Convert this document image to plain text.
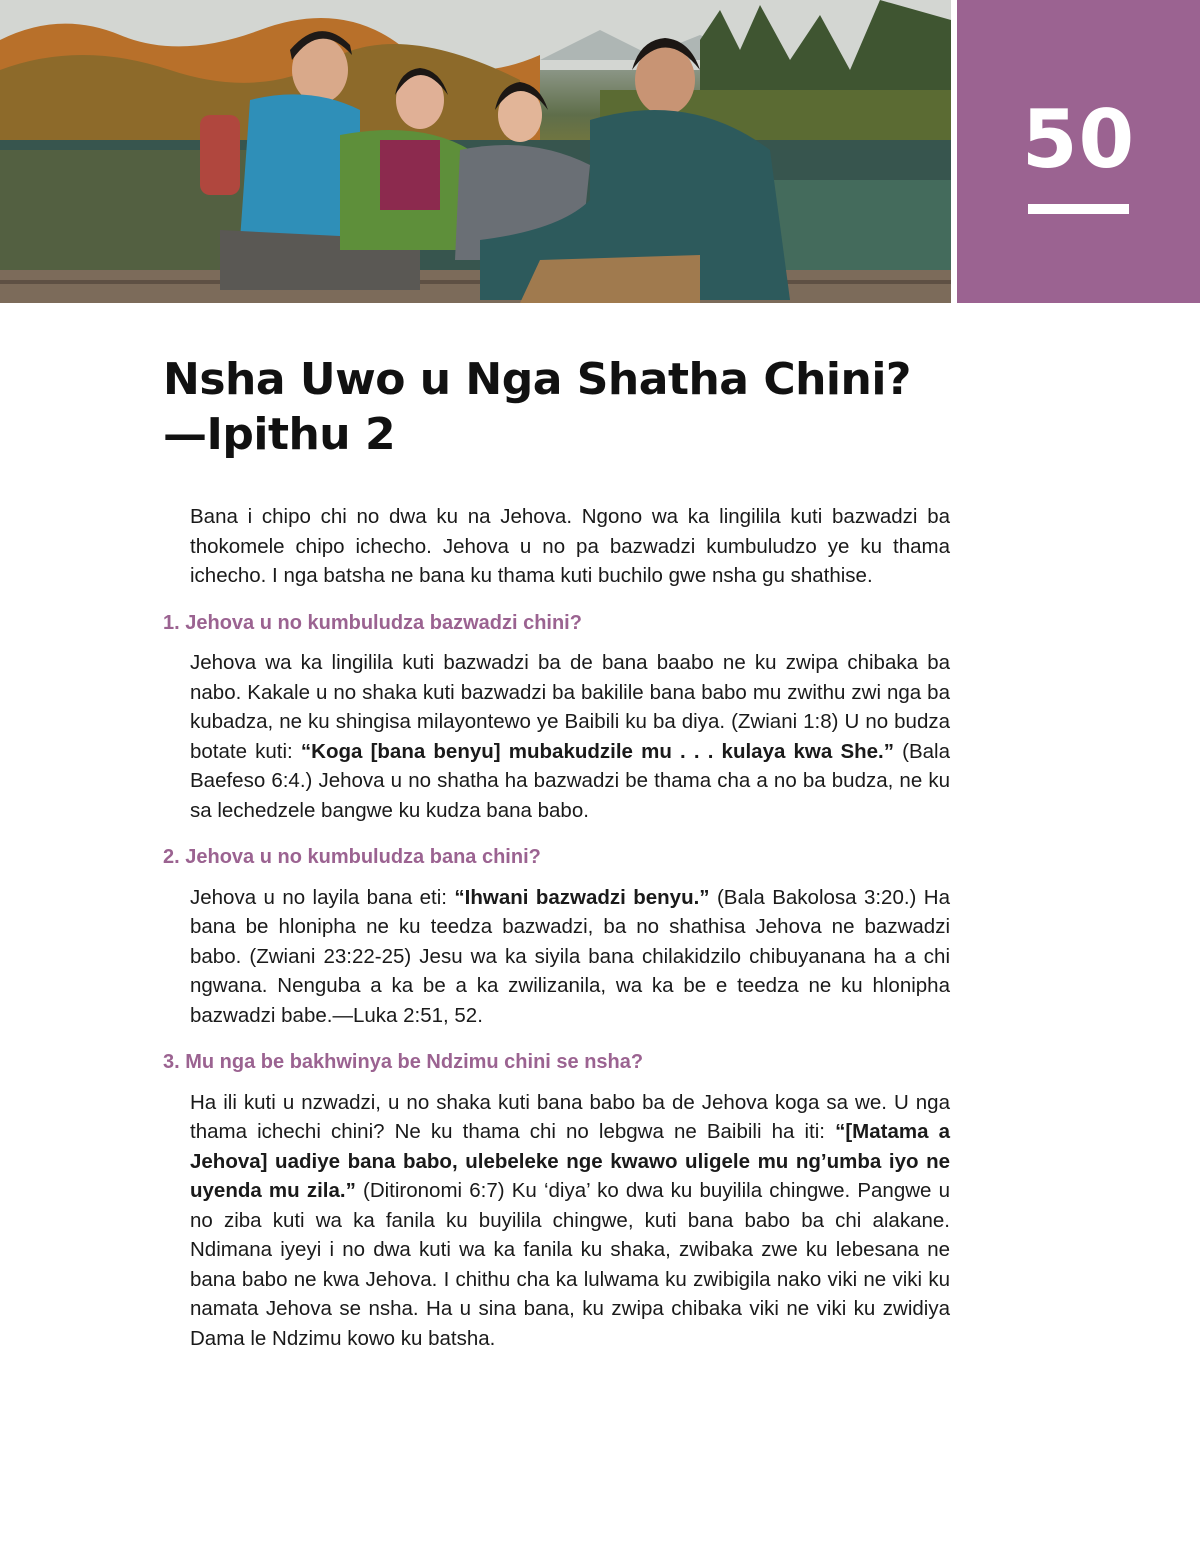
50
Nsha Uwo u Nga Shatha Chini?
—Ipithu 2

Bana i chipo chi no dwa ku na Jehova. Ngono wa ka lingilila kuti bazwadzi ba thokomele chipo ichecho. Jehova u no pa bazwadzi kumbuludzo ye ku thama ichecho. I nga batsha ne bana ku thama kuti buchilo gwe nsha gu shathise.

1. Jehova u no kumbuludza bazwadzi chini?

Jehova wa ka lingilila kuti bazwadzi ba de bana baabo ne ku zwipa chibaka ba nabo. Kakale u no shaka kuti bazwadzi ba bakilile bana babo mu zwithu zwi nga ba kubadza, ne ku shingisa milayontewo ye Baibili ku ba diya. (Zwiani 1:8) U no budza botate kuti: “Koga [bana benyu] mubakudzile mu . . . kulaya kwa She.” (Bala Baefeso 6:4.) Jehova u no shatha ha bazwadzi be thama cha a no ba budza, ne ku sa lechedzele bangwe ku kudza bana babo.

2. Jehova u no kumbuludza bana chini?

Jehova u no layila bana eti: “Ihwani bazwadzi benyu.” (Bala Bakolosa 3:20.) Ha bana be hlonipha ne ku teedza bazwadzi, ba no shathisa Jehova ne bazwadzi babo. (Zwiani 23:22-25) Jesu wa ka siyila bana chilakidzilo chibuyanana ha a chi ngwana. Nenguba a ka be a ka zwilizanila, wa ka be e teedza ne ku hlonipha bazwadzi babe.—Luka 2:51, 52.

3. Mu nga be bakhwinya be Ndzimu chini se nsha?

Ha ili kuti u nzwadzi, u no shaka kuti bana babo ba de Jehova koga sa we. U nga thama ichechi chini? Ne ku thama chi no lebgwa ne Baibili ha iti: “[Matama a Jehova] uadiye bana babo, ulebeleke nge kwawo uligele mu ng’umba iyo ne uyenda mu zila.” (Ditironomi 6:7) Ku ‘diya’ ko dwa ku buyilila chingwe. Pangwe u no ziba kuti wa ka fanila ku buyilila chingwe, kuti bana babo ba chi alakane. Ndimana iyeyi i no dwa kuti wa ka fanila ku shaka, zwibaka zwe ku lebesana ne bana babo ne kwa Jehova. I chithu cha ka lulwama ku zwibigila nako viki ne viki ku namata Jehova se nsha. Ha u sina bana, ku zwipa chibaka viki ne viki ku zwidiya Dama le Ndzimu kowo ku batsha.
